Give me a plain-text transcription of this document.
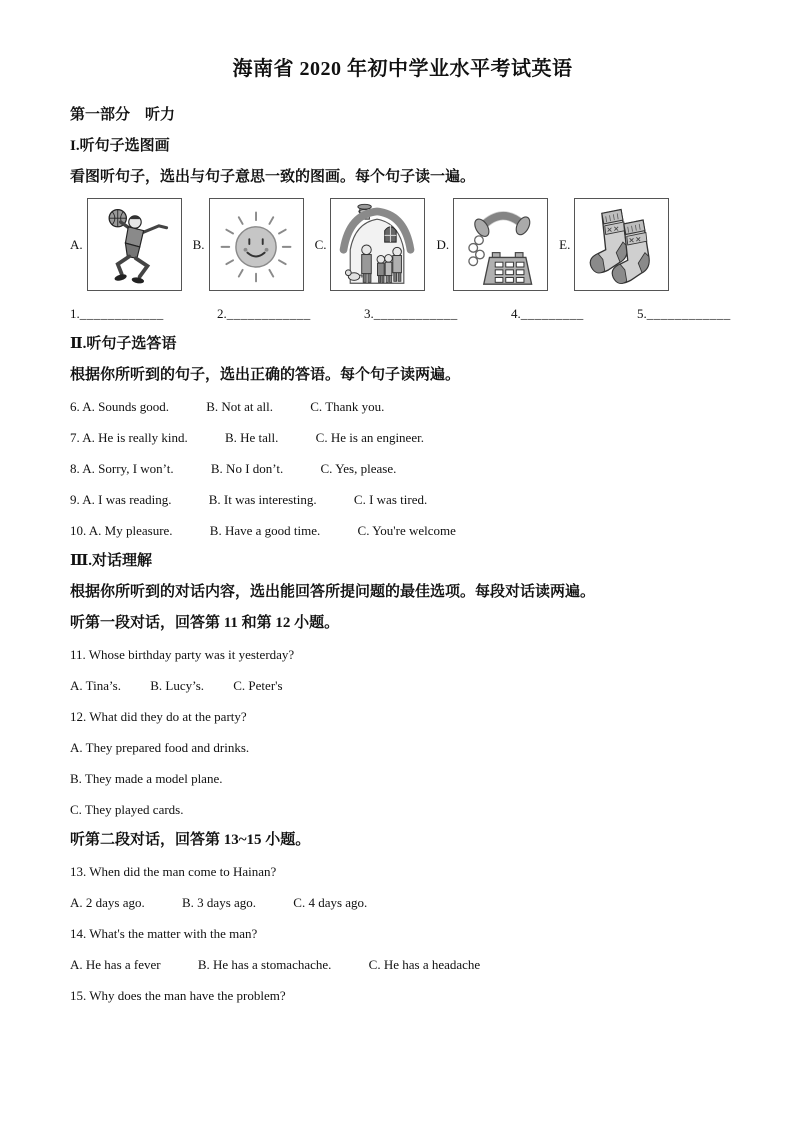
海南省 2020 年初中学业水平考试英语
第一部分　听力
I.听句子选图画
看图听句子，选出与句子意思一致的图画。每个句子读一遍。
A.	B.	C.	D.	E.
1.____________	2.____________	3.____________	4._________	5.____________
Ⅱ.听句子选答语
根据你所听到的句子，选出正确的答语。每个句子读两遍。
6. A. Sounds good.	B. Not at all.	C. Thank you.
7. A. He is really kind.	B. He tall.	C. He is an engineer.
8. A. Sorry, I won’t.	B. No I don’t.	C. Yes, please.
9. A. I was reading.	B. It was interesting.	C. I was tired.
10. A. My pleasure.	B. Have a good time.	C. You're welcome
Ⅲ.对话理解
根据你所听到的对话内容，选出能回答所提问题的最佳选项。每段对话读两遍。
听第一段对话，回答第 11 和第 12 小题。
11. Whose birthday party was it yesterday?
A. Tina’s. B. Lucy’s. C. Peter's
12. What did they do at the party?
A. They prepared food and drinks.
B. They made a model plane.
C. They played cards.
听第二段对话，回答第 13~15 小题。
13. When did the man come to Hainan?
A. 2 days ago.	B. 3 days ago.	C. 4 days ago.
14. What's the matter with the man?
A. He has a fever	B. He has a stomachache.	C. He has a headache
15. Why does the man have the problem?
